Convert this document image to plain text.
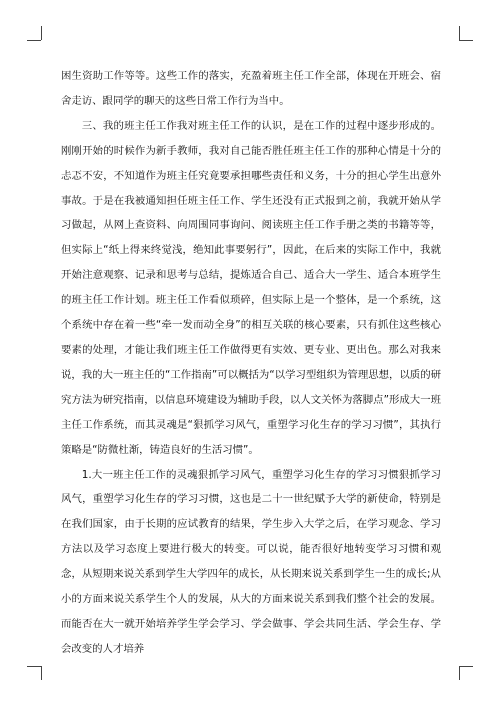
困生资助工作等等。这些工作的落实，充盈着班主任工作全部，体现在开班会、宿舍走访、跟同学的聊天的这些日常工作行为当中。

三、我的班主任工作我对班主任工作的认识，是在工作的过程中逐步形成的。刚刚开始的时候作为新手教师，我对自己能否胜任班主任工作的那种心情是十分的忐忑不安，不知道作为班主任究竟要承担哪些责任和义务，十分的担心学生出意外事故。于是在我被通知担任班主任工作、学生还没有正式报到之前，我就开始从学习做起，从网上查资料、向周围同事询问、阅读班主任工作手册之类的书籍等等，但实际上“纸上得来终觉浅，绝知此事要躬行”，因此，在后来的实际工作中，我就开始注意观察、记录和思考与总结，提炼适合自己、适合大一学生、适合本班学生的班主任工作计划。班主任工作看似琐碎，但实际上是一个整体，是一个系统，这个系统中存在着一些“牵一发而动全身”的相互关联的核心要素，只有抓住这些核心要素的处理，才能让我们班主任工作做得更有实效、更专业、更出色。那么对我来说，我的大一班主任的“工作指南”可以概括为“以学习型组织为管理思想，以质的研究方法为研究指南，以信息环境建设为辅助手段，以人文关怀为落脚点”形成大一班主任工作系统，而其灵魂是“狠抓学习风气，重塑学习化生存的学习习惯”，其执行策略是“防微杜渐，铸造良好的生活习惯”。

1.大一班主任工作的灵魂狠抓学习风气，重塑学习化生存的学习习惯狠抓学习风气，重塑学习化生存的学习习惯，这也是二十一世纪赋予大学的新使命，特别是在我们国家，由于长期的应试教育的结果，学生步入大学之后，在学习观念、学习方法以及学习态度上要进行极大的转变。可以说，能否很好地转变学习习惯和观念，从短期来说关系到学生大学四年的成长，从长期来说关系到学生一生的成长;从小的方面来说关系学生个人的发展，从大的方面来说关系到我们整个社会的发展。而能否在大一就开始培养学生学会学习、学会做事、学会共同生活、学会生存、学会改变的人才培养
